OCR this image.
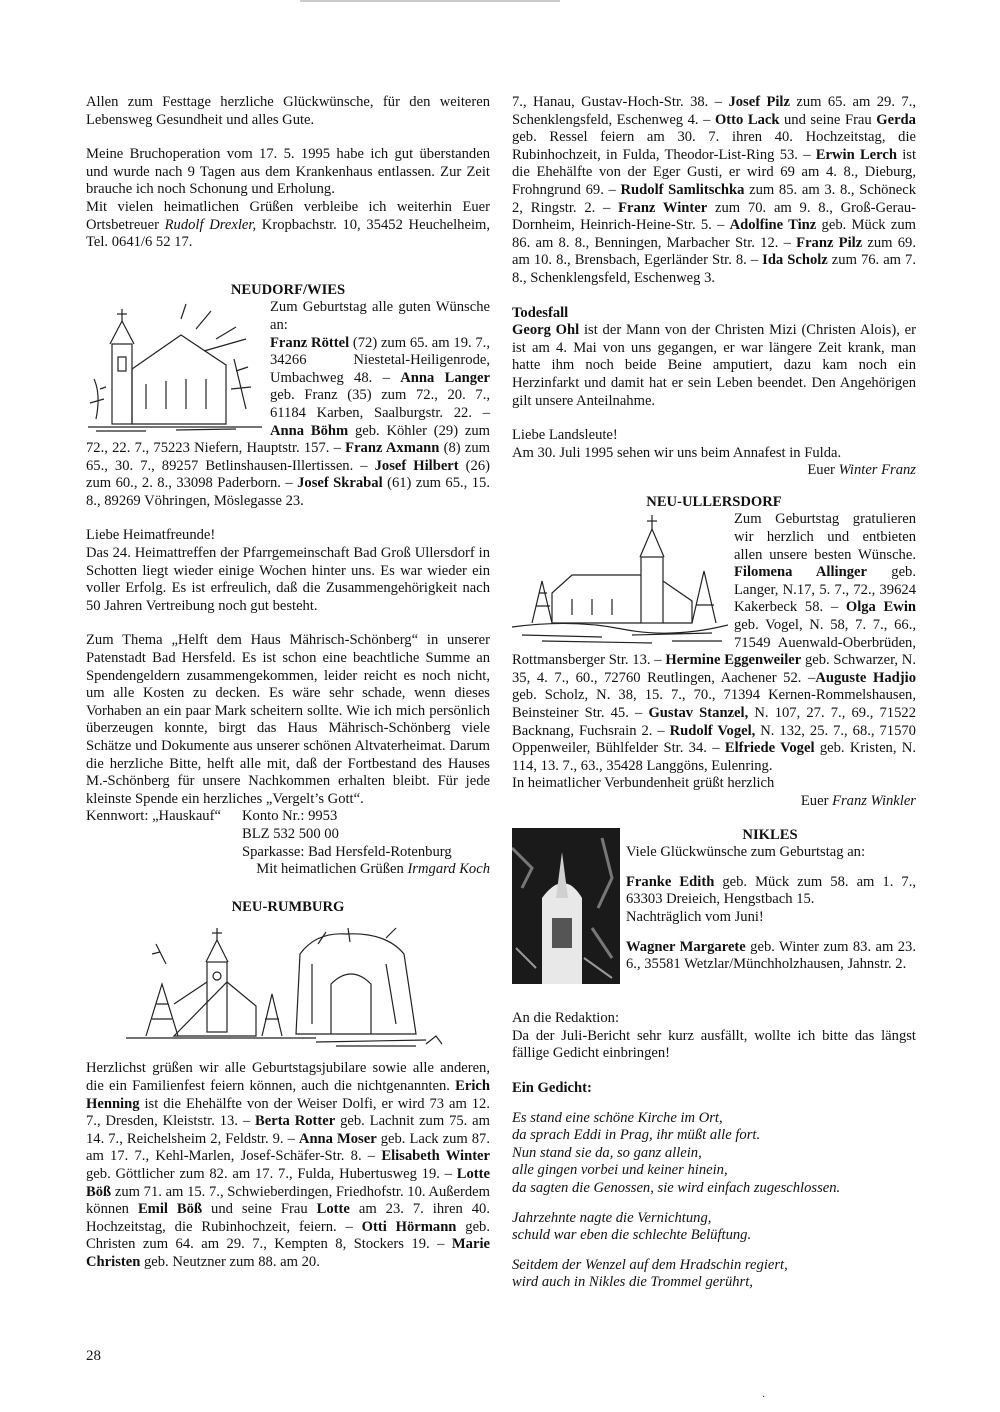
Allen zum Festtage herzliche Glückwünsche, für den weiteren Lebensweg Gesundheit und alles Gute.

Meine Bruchoperation vom 17. 5. 1995 habe ich gut überstanden und wurde nach 9 Tagen aus dem Krankenhaus entlassen. Zur Zeit brauche ich noch Schonung und Erholung.

Mit vielen heimatlichen Grüßen verbleibe ich weiterhin Euer Ortsbetreuer Rudolf Drexler, Kropbachstr. 10, 35452 Heuchelheim, Tel. 0641/6 52 17.

NEUDORF/WIES

Zum Geburtstag alle guten Wünsche an:

Franz Röttel (72) zum 65. am 19. 7., 34266 Niestetal-Heiligenrode, Umbachweg 48. – Anna Langer geb. Franz (35) zum 72., 20. 7., 61184 Karben, Saalburgstr. 22. – Anna Böhm geb. Köhler (29) zum 72., 22. 7., 75223 Niefern, Hauptstr. 157. – Franz Axmann (8) zum 65., 30. 7., 89257 Betlinshausen-Illertissen. – Josef Hilbert (26) zum 60., 2. 8., 33098 Paderborn. – Josef Skrabal (61) zum 65., 15. 8., 89269 Vöhringen, Möslegasse 23.

Liebe Heimatfreunde!

Das 24. Heimattreffen der Pfarrgemeinschaft Bad Groß Ullersdorf in Schotten liegt wieder einige Wochen hinter uns. Es war wieder ein voller Erfolg. Es ist erfreulich, daß die Zusammengehörigkeit nach 50 Jahren Vertreibung noch gut besteht.

Zum Thema „Helft dem Haus Mährisch-Schönberg“ in unserer Patenstadt Bad Hersfeld. Es ist schon eine beachtliche Summe an Spendengeldern zusammengekommen, leider reicht es noch nicht, um alle Kosten zu decken. Es wäre sehr schade, wenn dieses Vorhaben an ein paar Mark scheitern sollte. Wie ich mich persönlich überzeugen konnte, birgt das Haus Mährisch-Schönberg viele Schätze und Dokumente aus unserer schönen Altvaterheimat. Darum die herzliche Bitte, helft alle mit, daß der Fortbestand des Hauses M.-Schönberg für unsere Nachkommen erhalten bleibt. Für jede kleinste Spende ein herzliches „Vergelt’s Gott“.

Kennwort: „Hauskauf“	Konto Nr.: 9953

BLZ 532 500 00

Sparkasse: Bad Hersfeld-Rotenburg

Mit heimatlichen Grüßen Irmgard Koch

NEU-RUMBURG

Herzlichst grüßen wir alle Geburtstagsjubilare sowie alle anderen, die ein Familienfest feiern können, auch die nichtgenannten. Erich Henning ist die Ehehälfte von der Weiser Dolfi, er wird 73 am 12. 7., Dresden, Kleiststr. 13. – Berta Rotter geb. Lachnit zum 75. am 14. 7., Reichelsheim 2, Feldstr. 9. – Anna Moser geb. Lack zum 87. am 17. 7., Kehl-Marlen, Josef-Schäfer-Str. 8. – Elisabeth Winter geb. Göttlicher zum 82. am 17. 7., Fulda, Hubertusweg 19. – Lotte Böß zum 71. am 15. 7., Schwieberdingen, Friedhofstr. 10. Außerdem können Emil Böß und seine Frau Lotte am 23. 7. ihren 40. Hochzeitstag, die Rubinhochzeit, feiern. – Otti Hörmann geb. Christen zum 64. am 29. 7., Kempten 8, Stockers 19. – Marie Christen geb. Neutzner zum 88. am 20.

7., Hanau, Gustav-Hoch-Str. 38. – Josef Pilz zum 65. am 29. 7., Schenklengsfeld, Eschenweg 4. – Otto Lack und seine Frau Gerda geb. Ressel feiern am 30. 7. ihren 40. Hochzeitstag, die Rubinhochzeit, in Fulda, Theodor-List-Ring 53. – Erwin Lerch ist die Ehehälfte von der Eger Gusti, er wird 69 am 4. 8., Dieburg, Frohngrund 69. – Rudolf Samlitschka zum 85. am 3. 8., Schöneck 2, Ringstr. 2. – Franz Winter zum 70. am 9. 8., Groß-Gerau-Dornheim, Heinrich-Heine-Str. 5. – Adolfine Tinz geb. Mück zum 86. am 8. 8., Benningen, Marbacher Str. 12. – Franz Pilz zum 69. am 10. 8., Brensbach, Egerländer Str. 8. – Ida Scholz zum 76. am 7. 8., Schenklengsfeld, Eschenweg 3.

Todesfall

Georg Ohl ist der Mann von der Christen Mizi (Christen Alois), er ist am 4. Mai von uns gegangen, er war längere Zeit krank, man hatte ihm noch beide Beine amputiert, dazu kam noch ein Herzinfarkt und damit hat er sein Leben beendet. Den Angehörigen gilt unsere Anteilnahme.

Liebe Landsleute!

Am 30. Juli 1995 sehen wir uns beim Annafest in Fulda.

Euer Winter Franz

NEU-ULLERSDORF

Zum Geburtstag gratulieren wir herzlich und entbieten allen unsere besten Wünsche. Filomena Allinger geb. Langer, N.17, 5. 7., 72., 39624 Kakerbeck 58. – Olga Ewin geb. Vogel, N. 58, 7. 7., 66., 71549 Auenwald-Oberbrüden, Rottmansberger Str. 13. – Hermine Eggenweiler geb. Schwarzer, N. 35, 4. 7., 60., 72760 Reutlingen, Aachener 52. –Auguste Hadjio geb. Scholz, N. 38, 15. 7., 70., 71394 Kernen-Rommelshausen, Beinsteiner Str. 45. – Gustav Stanzel, N. 107, 27. 7., 69., 71522 Backnang, Fuchsrain 2. – Rudolf Vogel, N. 132, 25. 7., 68., 71570 Oppenweiler, Bühlfelder Str. 34. – Elfriede Vogel geb. Kristen, N. 114, 13. 7., 63., 35428 Langgöns, Eulenring.

In heimatlicher Verbundenheit grüßt herzlich

Euer Franz Winkler

NIKLES

Viele Glückwünsche zum Geburtstag an:

Franke Edith geb. Mück zum 58. am 1. 7., 63303 Dreieich, Hengstbach 15.

Nachträglich vom Juni!

Wagner Margarete geb. Winter zum 83. am 23. 6., 35581 Wetzlar/Münchholzhausen, Jahnstr. 2.

An die Redaktion:

Da der Juli-Bericht sehr kurz ausfällt, wollte ich bitte das längst fällige Gedicht einbringen!

Ein Gedicht:

Es stand eine schöne Kirche im Ort,

da sprach Eddi in Prag, ihr müßt alle fort.

Nun stand sie da, so ganz allein,

alle gingen vorbei und keiner hinein,

da sagten die Genossen, sie wird einfach zugeschlossen.

Jahrzehnte nagte die Vernichtung,

schuld war eben die schlechte Belüftung.

Seitdem der Wenzel auf dem Hradschin regiert,

wird auch in Nikles die Trommel gerührt,

28
·
